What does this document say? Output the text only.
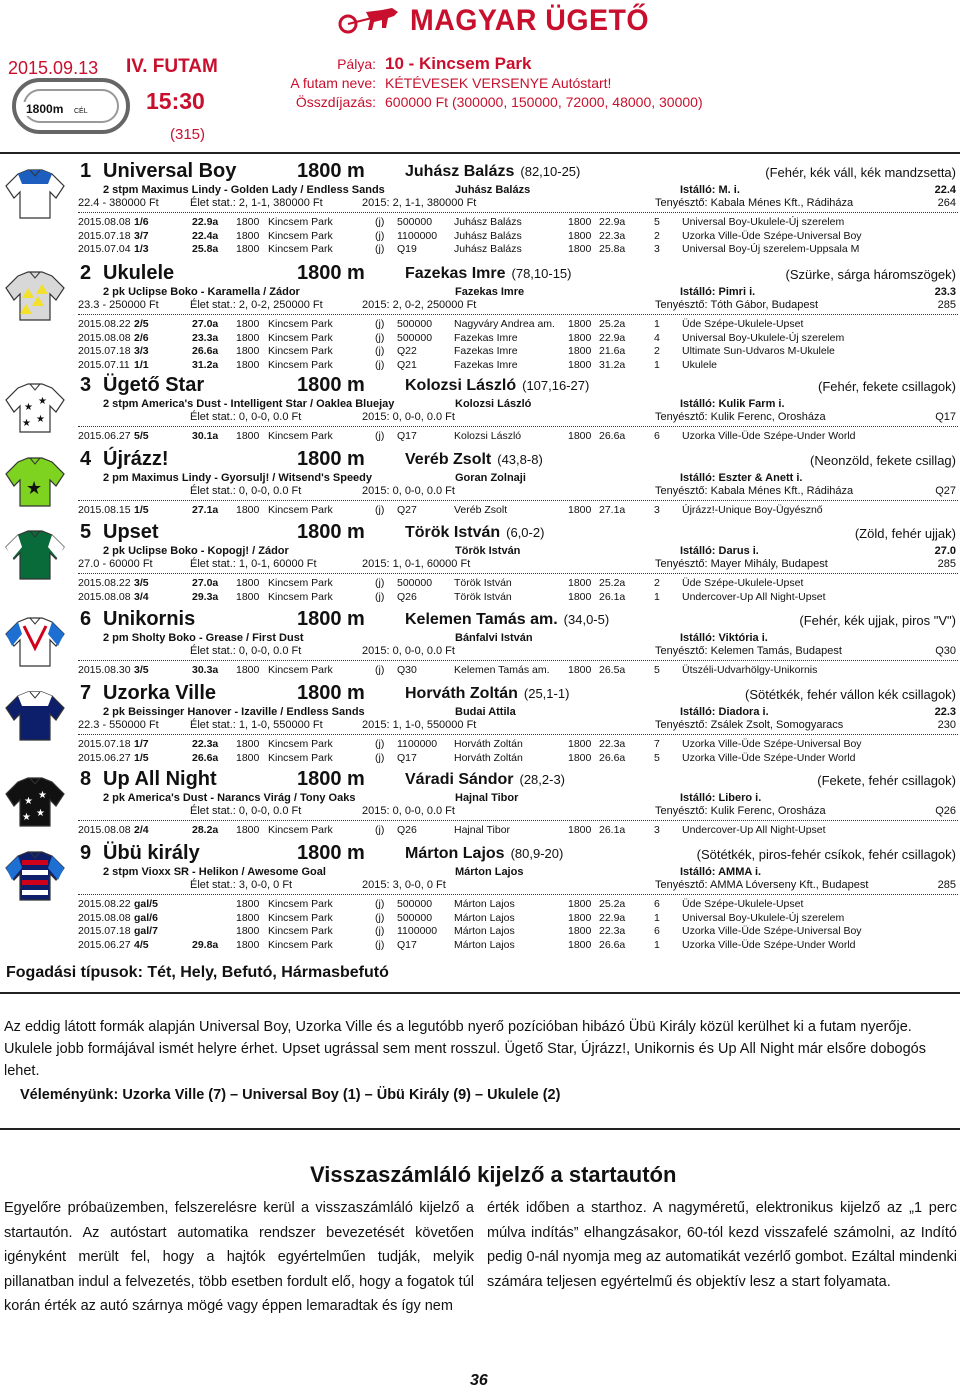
MAGYAR ÜGETŐ
2015.09.13 IV. FUTAM
15:30
(315)
1800m CÉL
Pálya: 10 - Kincsem Park
A futam neve: KÉTÉVESEK VERSENYE Autóstart!
Összdíjazás: 600000 Ft (300000, 150000, 72000, 48000, 30000)
1 Universal Boy	1800 m	Juhász Balázs (82,10-25)	(Fehér, kék váll, kék mandzsetta)
2 stpm Maximus Lindy - Golden Lady / Endless Sands	Juhász Balázs	Istálló: M. i.	22.4
22.4 - 380000 Ft	Élet stat.: 2, 1-1, 380000 Ft	2015: 2, 1-1, 380000 Ft	Tenyésztő: Kabala Ménes Kft., Rádiháza	264
2015.08.08 1/6	22.9a 1800 Kincsem Park	(j) 500000 Juhász Balázs	1800 22.9a	5 Universal Boy-Ukulele-Új szerelem
2015.07.18 3/7	22.4a 1800 Kincsem Park	(j) 1100000 Juhász Balázs	1800 22.3a	2 Uzorka Ville-Üde Szépe-Universal Boy
2015.07.04 1/3	25.8a 1800 Kincsem Park	(j) Q19	Juhász Balázs	1800 25.8a	3 Universal Boy-Új szerelem-Uppsala M
2 Ukulele	1800 m	Fazekas Imre (78,10-15)	(Szürke, sárga háromszögek)
2 pk Uclipse Boko - Karamella / Zádor	Fazekas Imre	Istálló: Pimri i.	23.3
23.3 - 250000 Ft	Élet stat.: 2, 0-2, 250000 Ft	2015: 2, 0-2, 250000 Ft	Tenyésztő: Tóth Gábor, Budapest	285
2015.08.22 2/5	27.0a 1800 Kincsem Park	(j) 500000 Nagyváry Andrea am. 1800 25.2a	1 Üde Szépe-Ukulele-Upset
2015.08.08 2/6	23.3a 1800 Kincsem Park	(j) 500000 Fazekas Imre	1800 22.9a	4 Universal Boy-Ukulele-Új szerelem
2015.07.18 3/3	26.6a 1800 Kincsem Park	(j) Q22	Fazekas Imre	1800 21.6a	2 Ultimate Sun-Udvaros M-Ukulele
2015.07.11 1/1	31.2a 1800 Kincsem Park	(j) Q21	Fazekas Imre	1800 31.2a	1 Ukulele
★
★
★
★
3 Ügető Star	1800 m	Kolozsi László (107,16-27)	(Fehér, fekete csillagok)
2 stpm America's Dust - Intelligent Star / Oaklea Bluejay	Kolozsi László	Istálló: Kulik Farm i.
Élet stat.: 0, 0-0, 0.0 Ft	2015: 0, 0-0, 0.0 Ft	Tenyésztő: Kulik Ferenc, Orosháza	Q17
2015.06.27 5/5	30.1a 1800 Kincsem Park	(j) Q17	Kolozsi László	1800 26.6a	6 Uzorka Ville-Üde Szépe-Under World
★
4 Újrázz!	1800 m	Veréb Zsolt (43,8-8)	(Neonzöld, fekete csillag)
2 pm Maximus Lindy - Gyorsulj! / Witsend's Speedy	Goran Zolnaji	Istálló: Eszter & Anett i.
Élet stat.: 0, 0-0, 0.0 Ft	2015: 0, 0-0, 0.0 Ft	Tenyésztő: Kabala Ménes Kft., Rádiháza	Q27
2015.08.15 1/5	27.1a 1800 Kincsem Park	(j) Q27	Veréb Zsolt	1800 27.1a	3 Újrázz!-Unique Boy-Ügyésznő
5 Upset	1800 m	Török István (6,0-2)	(Zöld, fehér ujjak)
2 pk Uclipse Boko - Kopogj! / Zádor	Török István	Istálló: Darus i.	27.0
27.0 - 60000 Ft	Élet stat.: 1, 0-1, 60000 Ft	2015: 1, 0-1, 60000 Ft	Tenyésztő: Mayer Mihály, Budapest	285
2015.08.22 3/5	27.0a 1800 Kincsem Park	(j) 500000 Török István	1800 25.2a	2 Üde Szépe-Ukulele-Upset
2015.08.08 3/4	29.3a 1800 Kincsem Park	(j) Q26	Török István	1800 26.1a	1 Undercover-Up All Night-Upset
6 Unikornis	1800 m	Kelemen Tamás am. (34,0-5)	(Fehér, kék ujjak, piros "V")
2 pm Sholty Boko - Grease / First Dust	Bánfalvi István	Istálló: Viktória i.
Élet stat.: 0, 0-0, 0.0 Ft	2015: 0, 0-0, 0.0 Ft	Tenyésztő: Kelemen Tamás, Budapest	Q30
2015.08.30 3/5	30.3a 1800 Kincsem Park	(j) Q30	Kelemen Tamás am. 1800 26.5a	5 Ütszéli-Udvarhölgy-Unikornis
7 Uzorka Ville	1800 m	Horváth Zoltán (25,1-1)	(Sötétkék, fehér vállon kék csillagok)
2 pk Beissinger Hanover - Izaville / Endless Sands	Budai Attila	Istálló: Diadora i.	22.3
22.3 - 550000 Ft	Élet stat.: 1, 1-0, 550000 Ft	2015: 1, 1-0, 550000 Ft	Tenyésztő: Zsálek Zsolt, Somogyaracs	230
2015.07.18 1/7	22.3a 1800 Kincsem Park	(j) 1100000 Horváth Zoltán	1800 22.3a	7 Uzorka Ville-Üde Szépe-Universal Boy
2015.06.27 1/5	26.6a 1800 Kincsem Park	(j) Q17	Horváth Zoltán	1800 26.6a	5 Uzorka Ville-Üde Szépe-Under World
★
★
★
★
8 Up All Night	1800 m	Váradi Sándor (28,2-3)	(Fekete, fehér csillagok)
2 pk America's Dust - Narancs Virág / Tony Oaks	Hajnal Tibor	Istálló: Libero i.
Élet stat.: 0, 0-0, 0.0 Ft	2015: 0, 0-0, 0.0 Ft	Tenyésztő: Kulik Ferenc, Orosháza	Q26
2015.08.08 2/4	28.2a 1800 Kincsem Park	(j) Q26	Hajnal Tibor	1800 26.1a	3 Undercover-Up All Night-Upset
9 Übü király	1800 m	Márton Lajos (80,9-20)	(Sötétkék, piros-fehér csíkok, fehér csillagok)
2 stpm Vioxx SR - Helikon / Awesome Goal	Márton Lajos	Istálló: AMMA i.
Élet stat.: 3, 0-0, 0 Ft	2015: 3, 0-0, 0 Ft	Tenyésztő: AMMA Lóverseny Kft., Budapest	285
2015.08.22 gal/5	1800 Kincsem Park	(j) 500000 Márton Lajos	1800 25.2a	6 Üde Szépe-Ukulele-Upset
2015.08.08 gal/6	1800 Kincsem Park	(j) 500000 Márton Lajos	1800 22.9a	1 Universal Boy-Ukulele-Új szerelem
2015.07.18 gal/7	1800 Kincsem Park	(j) 1100000 Márton Lajos	1800 22.3a	6 Uzorka Ville-Üde Szépe-Universal Boy
2015.06.27 4/5	29.8a 1800 Kincsem Park	(j) Q17	Márton Lajos	1800 26.6a	1 Uzorka Ville-Üde Szépe-Under World
Fogadási típusok: Tét, Hely, Befutó, Hármasbefutó
Az eddig látott formák alapján Universal Boy, Uzorka Ville és a legutóbb nyerő pozícióban hibázó Übü Király közül kerülhet ki a futam nyerője. Ukulele jobb formájával ismét helyre érhet. Upset ugrással sem ment rosszul. Ügető Star, Újrázz!, Unikornis és Up All Night már elsőre dobogós lehet.
Véleményünk: Uzorka Ville (7) – Universal Boy (1) – Übü Király (9) – Ukulele (2)
Visszaszámláló kijelző a startautón
Egyelőre próbaüzemben, felszerelésre kerül a visszaszámláló kijelző a startautón. Az autóstart automatika rendszer bevezetését követően igényként merült fel, hogy a hajtók egyértelműen tudják, melyik pillanatban indul a felvezetés, több esetben fordult elő, hogy a fogatok túl korán érték az autó szárnya mögé vagy éppen lemaradtak és így nem
érték időben a starthoz. A nagyméretű, elektronikus kijelző az „1 perc múlva indítás” elhangzásakor, 60-tól kezd visszafelé számolni, az Indító pedig 0-nál nyomja meg az automatikát vezérlő gombot. Ezáltal mindenki számára teljesen egyértelmű és objektív lesz a start folyamata.
36
